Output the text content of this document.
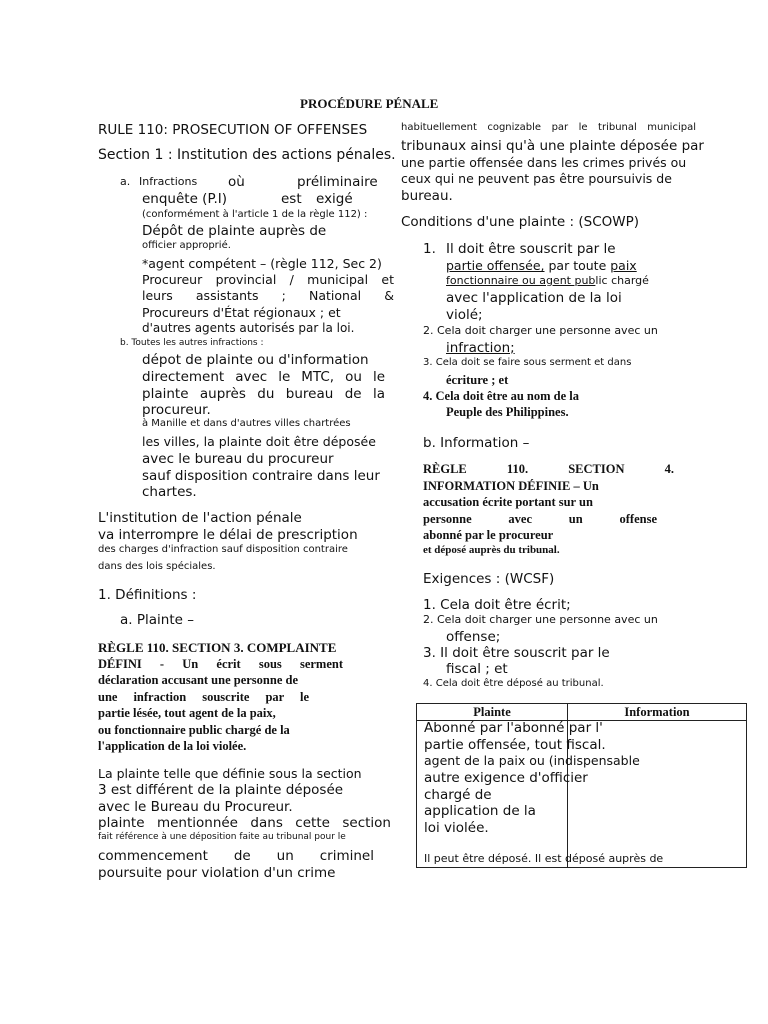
PROCÉDURE PÉNALE
RULE 110: PROSECUTION OF OFFENSES
Section 1 : Institution des actions pénales.
a. Infractions où	préliminaire
enquête (P.I)	est exigé
(conformément à l'article 1 de la règle 112) :
Dépôt de plainte auprès de
officier approprié.
*agent compétent – (règle 112, Sec 2)
Procureur provincial / municipal et
leurs assistants ; National &
Procureurs d'État régionaux ; et
d'autres agents autorisés par la loi.
b. Toutes les autres infractions :
dépot de plainte ou d'information
directement avec le MTC, ou le
plainte auprès du bureau de la
procureur.
à Manille et dans d'autres villes chartrées
les villes, la plainte doit être déposée
avec le bureau du procureur
sauf disposition contraire dans leur
chartes.
L'institution de l'action pénale
va interrompre le délai de prescription
des charges d'infraction sauf disposition contraire
dans des lois spéciales.
1. Définitions :
a. Plainte –
RÈGLE 110. SECTION 3. COMPLAINTE
DÉFINI - Un écrit sous serment
déclaration accusant une personne de
une infraction souscrite par le
partie lésée, tout agent de la paix,
ou fonctionnaire public chargé de la
l'application de la loi violée.
La plainte telle que définie sous la section
3 est différent de la plainte déposée
avec le Bureau du Procureur.
plainte mentionnée dans cette section
fait référence à une déposition faite au tribunal pour le
commencement de un criminel
poursuite pour violation d'un crime
habituellement cognizable par le tribunal municipal
tribunaux ainsi qu'à une plainte déposée par
une partie offensée dans les crimes privés ou
ceux qui ne peuvent pas être poursuivis de
bureau.
Conditions d'une plainte : (SCOWP)
1. Il doit être souscrit par le
partie offensée, par toute paix
fonctionnaire ou agent public chargé
avec l'application de la loi
violé;
2. Cela doit charger une personne avec un
infraction;
3. Cela doit se faire sous serment et dans
écriture ; et
4. Cela doit être au nom de la
Peuple des Philippines.
b. Information –
RÈGLE 110. SECTION 4.
INFORMATION DÉFINIE – Un
accusation écrite portant sur un
personne avec un offense
abonné par le procureur
et déposé auprès du tribunal.
Exigences : (WCSF)
1. Cela doit être écrit;
2. Cela doit charger une personne avec un
offense;
3. Il doit être souscrit par le
fiscal ; et
4. Cela doit être déposé au tribunal.
Plainte	Information

Abonné par l'abonné par l'
partie offensée, tout fiscal.
agent de la paix ou (indispensable
autre exigence d'officier
chargé de
application de la
loi violée.
Il peut être déposé. Il est déposé auprès de
